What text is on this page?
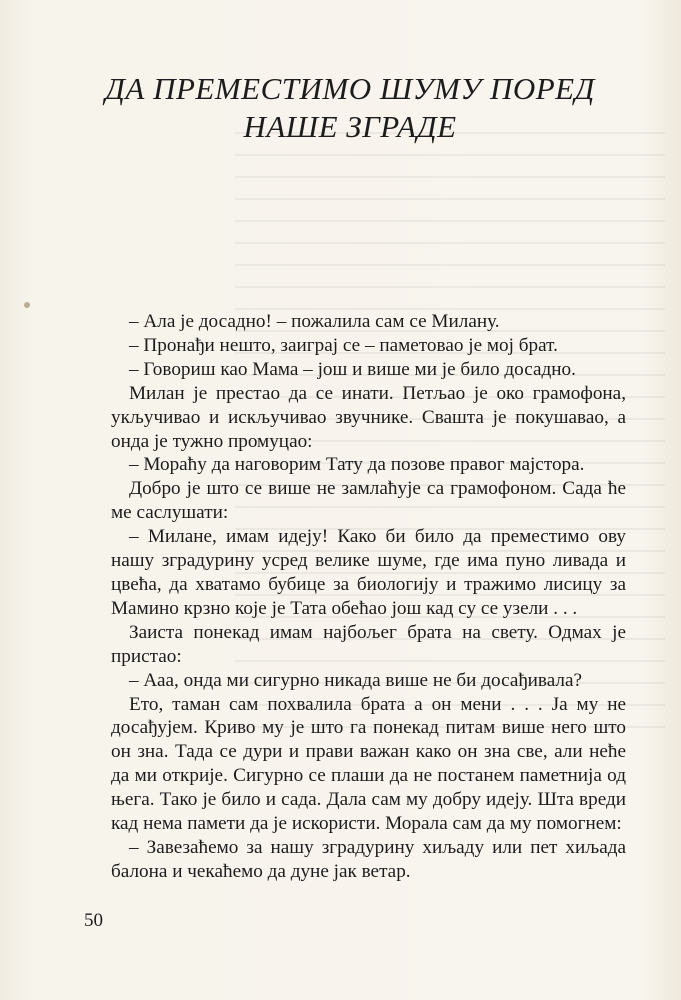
ДА ПРЕМЕСТИМО ШУМУ ПОРЕД
НАШЕ ЗГРАДЕ

– Ала је досадно! – пожалила сам се Милану.

– Пронађи нешто, заиграј се – паметовао је мој брат.

– Говориш као Мама – још и више ми је било досадно.

Милан је престао да се инати. Петљао је око грамофона, укључивао и искључивао звучнике. Свашта је покушавао, а онда је тужно промуцао:

– Мораћу да наговорим Тату да позове правог мајстора.

Добро је што се више не замлаћује са грамофоном. Сада ће ме саслушати:

– Милане, имам идеју! Како би било да преместимо ову нашу зградурину усред велике шуме, где има пуно ливада и цвећа, да хватамо бубице за биологију и тражимо лисицу за Мамино крзно које је Тата обећао још кад су се узели . . .

Заиста понекад имам најбољег брата на свету. Одмах је пристао:

– Ааа, онда ми сигурно никада више не би досађивала?

Ето, таман сам похвалила брата а он мени . . . Ја му не досађујем. Криво му је што га понекад питам више него што он зна. Тада се дури и прави важан како он зна све, али неће да ми открије. Сигурно се плаши да не постанем паметнија од њега. Тако је било и сада. Дала сам му добру идеју. Шта вреди кад нема памети да је искористи. Морала сам да му помогнем:

– Завезаћемо за нашу зградурину хиљаду или пет хиљада балона и чекаћемо да дуне јак ветар.

50
